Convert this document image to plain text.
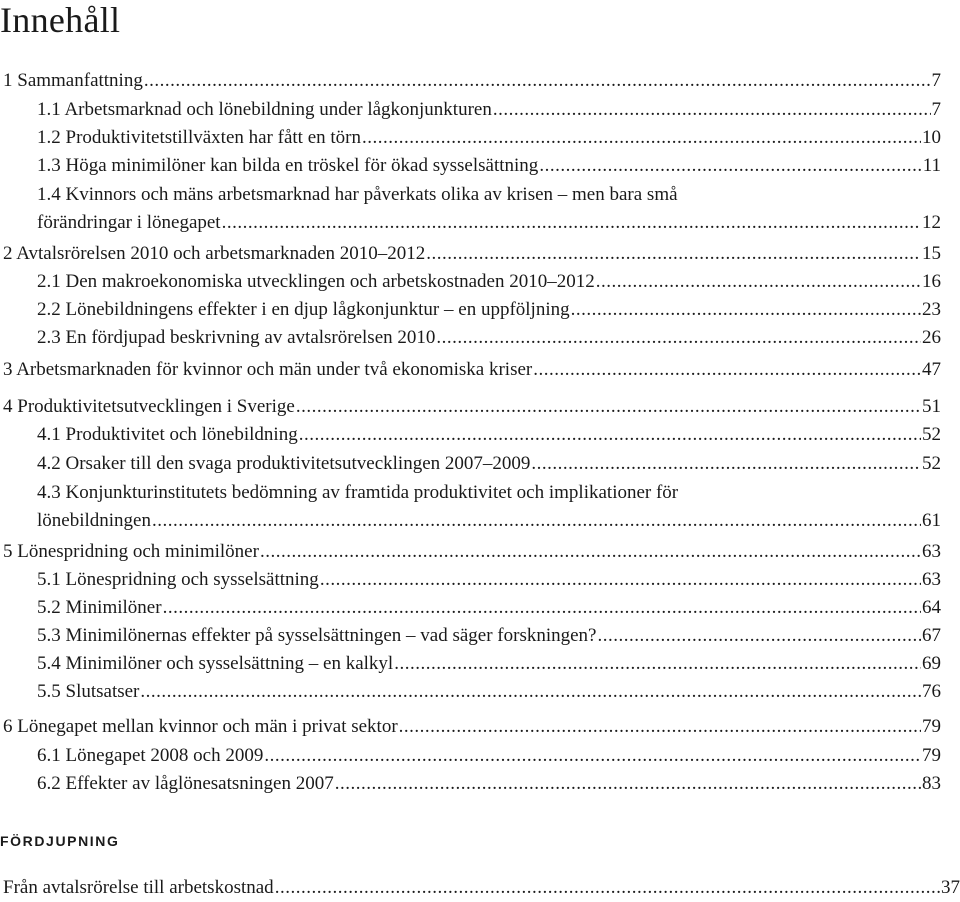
Innehåll
1 Sammanfattning .....	7
1.1 Arbetsmarknad och lönebildning under lågkonjunkturen .....	7
1.2 Produktivitetstillväxten har fått en törn .....	10
1.3 Höga minimilöner kan bilda en tröskel för ökad sysselsättning .....	11
1.4 Kvinnors och mäns arbetsmarknad har påverkats olika av krisen – men bara små
förändringar i lönegapet .....	12
2 Avtalsrörelsen 2010 och arbetsmarknaden 2010–2012 .....	15
2.1 Den makroekonomiska utvecklingen och arbetskostnaden 2010–2012 .....	16
2.2 Lönebildningens effekter i en djup lågkonjunktur – en uppföljning .....	23
2.3 En fördjupad beskrivning av avtalsrörelsen 2010 .....	26
3 Arbetsmarknaden för kvinnor och män under två ekonomiska kriser .....	47
4 Produktivitetsutvecklingen i Sverige .....	51
4.1 Produktivitet och lönebildning .....	52
4.2 Orsaker till den svaga produktivitetsutvecklingen 2007–2009 .....	52
4.3 Konjunkturinstitutets bedömning av framtida produktivitet och implikationer för
lönebildningen .....	61
5 Lönespridning och minimilöner .....	63
5.1 Lönespridning och sysselsättning .....	63
5.2 Minimilöner .....	64
5.3 Minimilönernas effekter på sysselsättningen – vad säger forskningen? .....	67
5.4 Minimilöner och sysselsättning – en kalkyl .....	69
5.5 Slutsatser .....	76
6 Lönegapet mellan kvinnor och män i privat sektor .....	79
6.1 Lönegapet 2008 och 2009 .....	79
6.2 Effekter av låglönesatsningen 2007 .....	83
FÖRDJUPNING
Från avtalsrörelse till arbetskostnad .....	37
